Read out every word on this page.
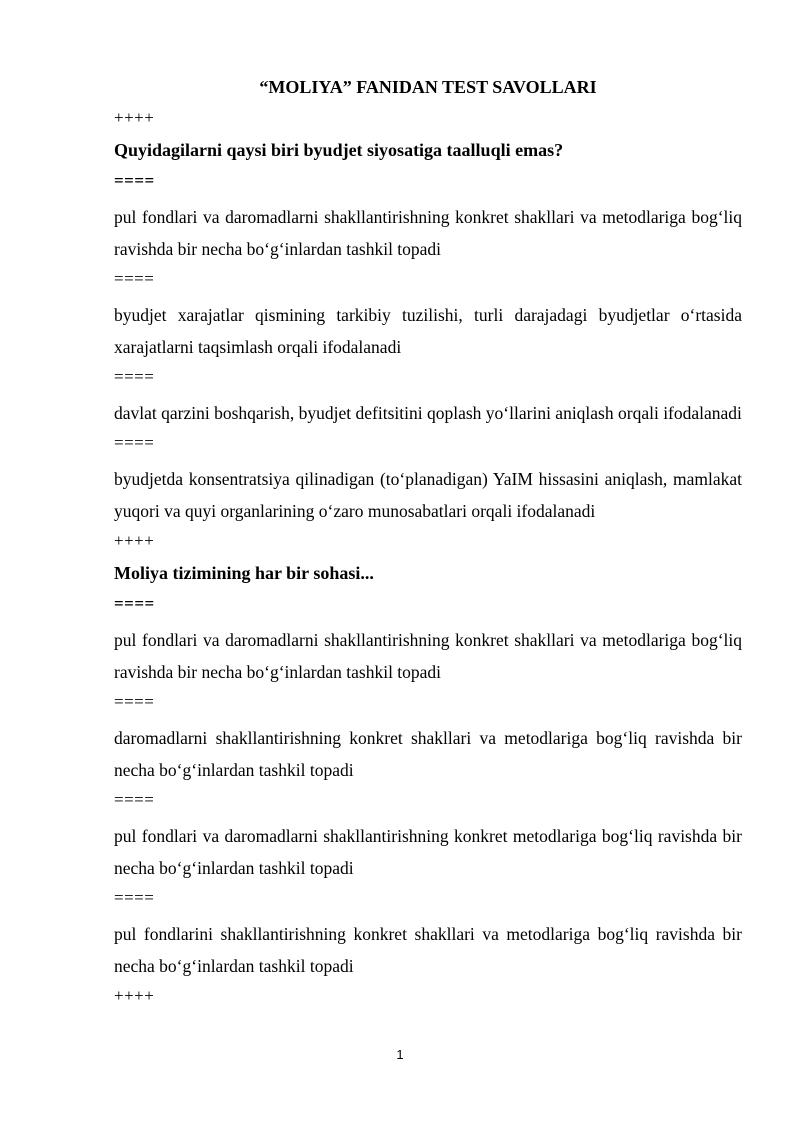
“MOLIYA” FANIDAN TEST SAVOLLARI
++++
Quyidagilarni qaysi biri byudjet siyosatiga taalluqli emas?
====
pul fondlari va daromadlarni shakllantirishning konkret shakllari va metodlariga bog‘liq ravishda bir necha bo‘g‘inlardan tashkil topadi
====
byudjet xarajatlar qismining tarkibiy tuzilishi, turli darajadagi byudjetlar o‘rtasida xarajatlarni taqsimlash orqali ifodalanadi
====
davlat qarzini boshqarish, byudjet defitsitini qoplash yo‘llarini aniqlash orqali ifodalanadi
====
byudjetda konsentratsiya qilinadigan (to‘planadigan) YaIM hissasini aniqlash, mamlakat yuqori va quyi organlarining o‘zaro munosabatlari orqali ifodalanadi
++++
Moliya tizimining har bir sohasi...
====
pul fondlari va daromadlarni shakllantirishning konkret shakllari va metodlariga bog‘liq ravishda bir necha bo‘g‘inlardan tashkil topadi
====
daromadlarni shakllantirishning konkret shakllari va metodlariga bog‘liq ravishda bir necha bo‘g‘inlardan tashkil topadi
====
pul fondlari va daromadlarni shakllantirishning konkret metodlariga bog‘liq ravishda bir necha bo‘g‘inlardan tashkil topadi
====
pul fondlarini shakllantirishning konkret shakllari va metodlariga bog‘liq ravishda bir necha bo‘g‘inlardan tashkil topadi
++++
1
